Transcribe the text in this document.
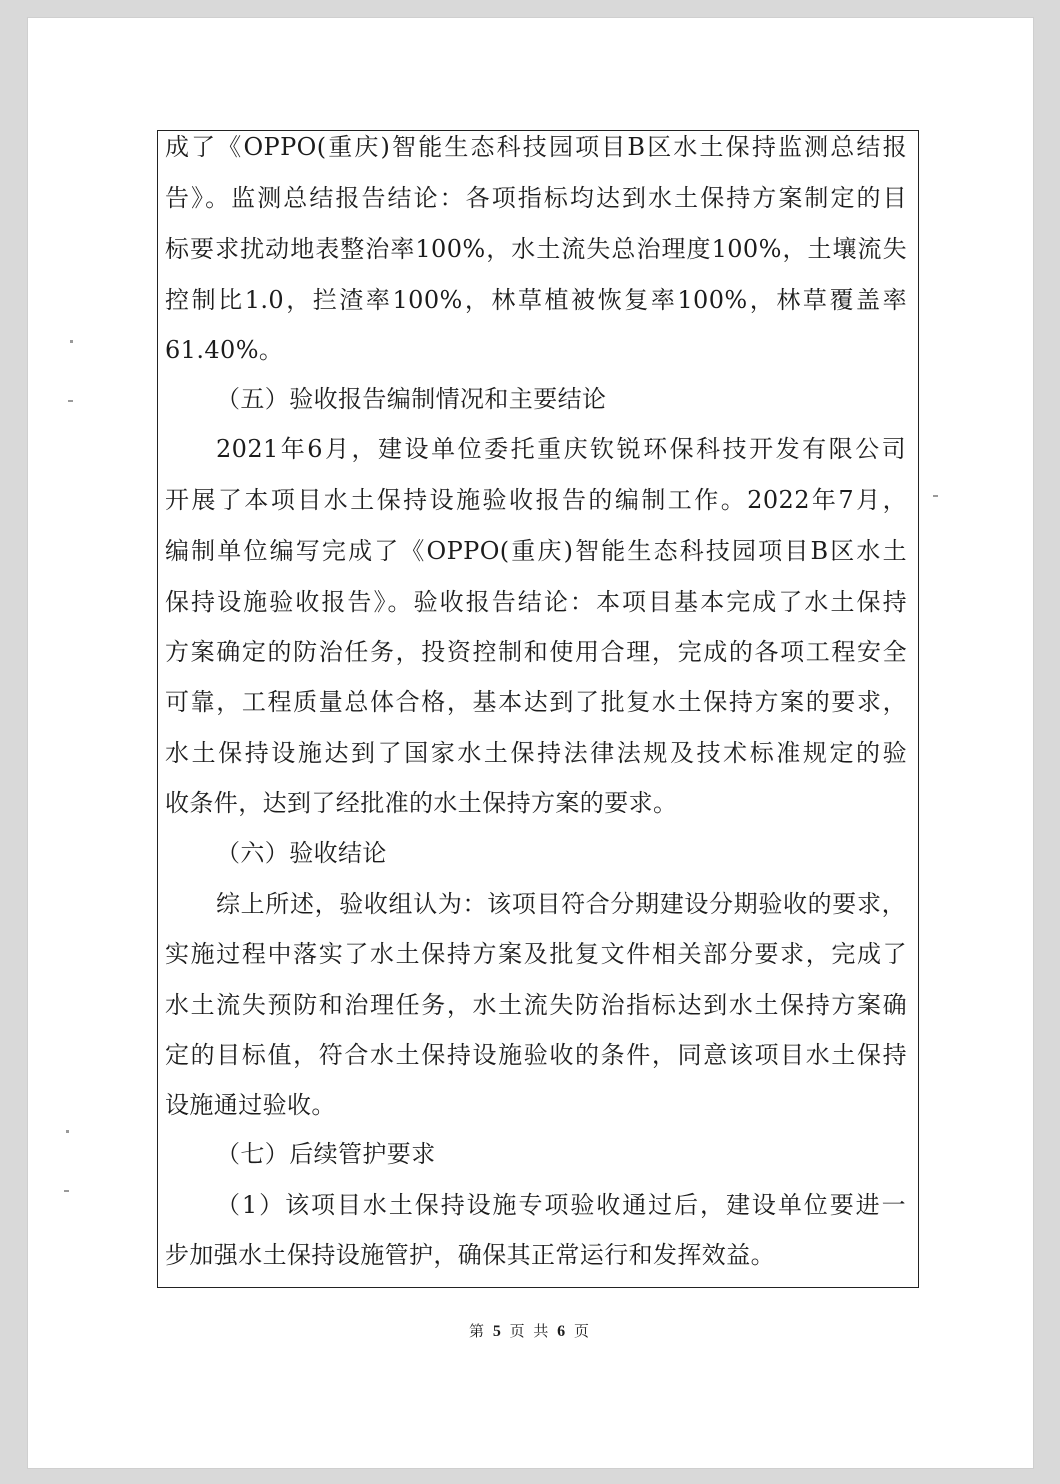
成了《OPPO(重庆)智能生态科技园项目B区水土保持监测总结报
告》。监测总结报告结论：各项指标均达到水土保持方案制定的目
标要求扰动地表整治率100%，水土流失总治理度100%，土壤流失
控制比1.0，拦渣率100%，林草植被恢复率100%，林草覆盖率
61.40%。
（五）验收报告编制情况和主要结论
2021年6月，建设单位委托重庆钦锐环保科技开发有限公司
开展了本项目水土保持设施验收报告的编制工作。2022年7月，
编制单位编写完成了《OPPO(重庆)智能生态科技园项目B区水土
保持设施验收报告》。验收报告结论：本项目基本完成了水土保持
方案确定的防治任务，投资控制和使用合理，完成的各项工程安全
可靠，工程质量总体合格，基本达到了批复水土保持方案的要求，
水土保持设施达到了国家水土保持法律法规及技术标准规定的验
收条件，达到了经批准的水土保持方案的要求。
（六）验收结论
综上所述，验收组认为：该项目符合分期建设分期验收的要求，
实施过程中落实了水土保持方案及批复文件相关部分要求，完成了
水土流失预防和治理任务，水土流失防治指标达到水土保持方案确
定的目标值，符合水土保持设施验收的条件，同意该项目水土保持
设施通过验收。
（七）后续管护要求
（1）该项目水土保持设施专项验收通过后，建设单位要进一
步加强水土保持设施管护，确保其正常运行和发挥效益。
第 5 页 共 6 页
